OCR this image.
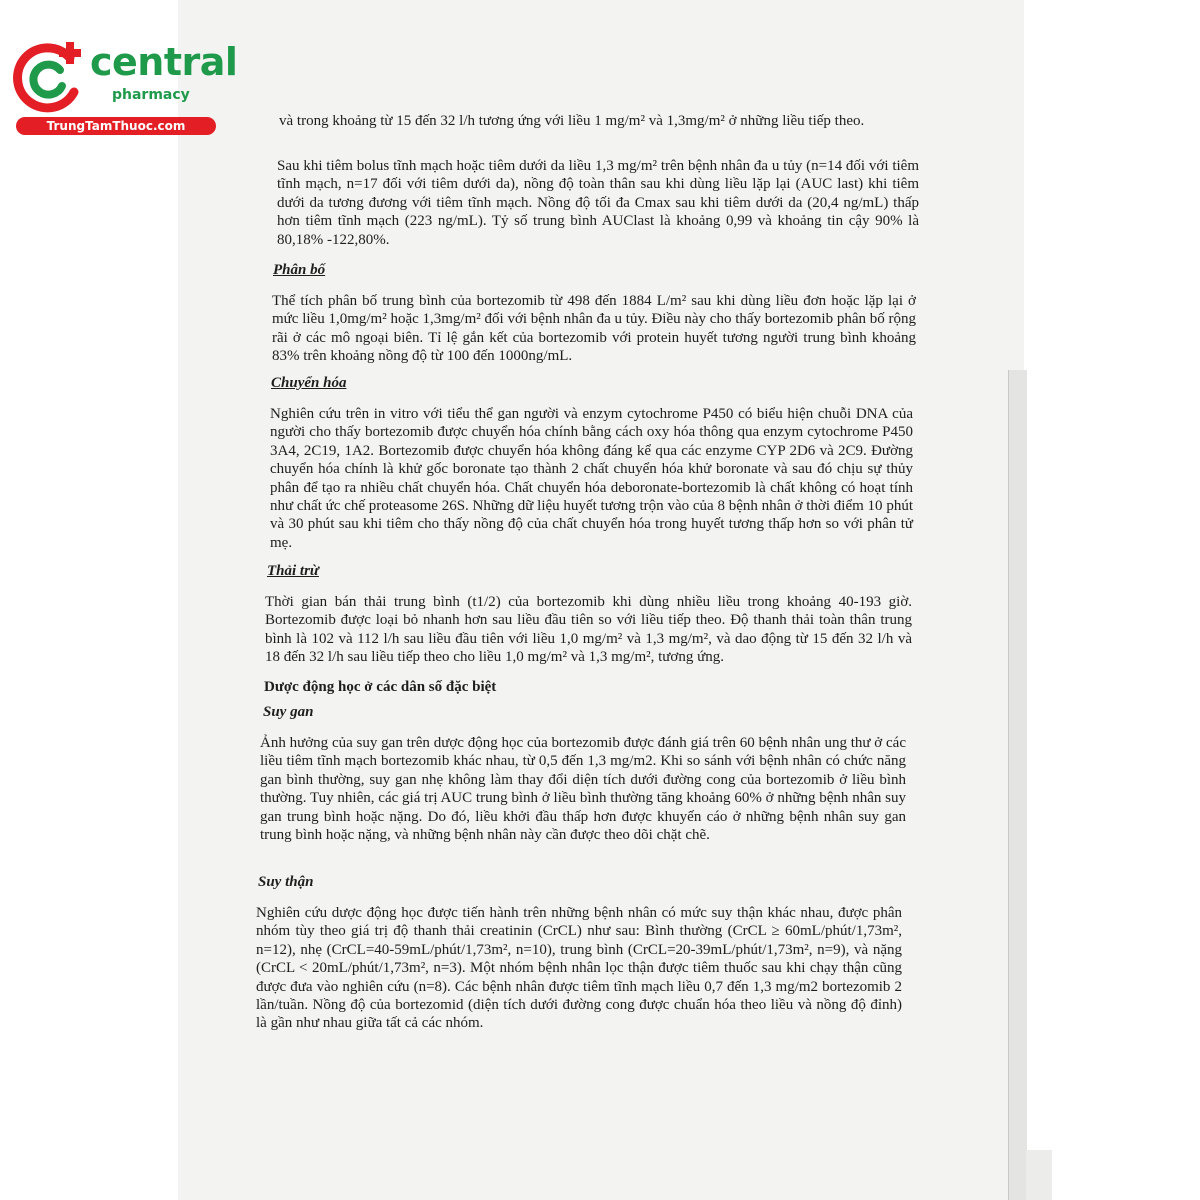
central
pharmacy
TrungTamThuoc.com	và trong khoảng từ 15 đến 32 l/h tương ứng với liều 1 mg/m² và 1,3mg/m² ở những liều tiếp theo.

Sau khi tiêm bolus tĩnh mạch hoặc tiêm dưới da liều 1,3 mg/m² trên bệnh nhân đa u tủy (n=14 đối với tiêm tĩnh mạch, n=17 đối với tiêm dưới da), nồng độ toàn thân sau khi dùng liều lặp lại (AUC last) khi tiêm dưới da tương đương với tiêm tĩnh mạch. Nồng độ tối đa Cmax sau khi tiêm dưới da (20,4 ng/mL) thấp hơn tiêm tĩnh mạch (223 ng/mL). Tỷ số trung bình AUClast là khoảng 0,99 và khoảng tin cậy 90% là 80,18% -122,80%.

Phân bố

Thể tích phân bố trung bình của bortezomib từ 498 đến 1884 L/m² sau khi dùng liều đơn hoặc lặp lại ở mức liều 1,0mg/m² hoặc 1,3mg/m² đối với bệnh nhân đa u tủy. Điều này cho thấy bortezomib phân bố rộng rãi ở các mô ngoại biên. Tỉ lệ gắn kết của bortezomib với protein huyết tương người trung bình khoảng 83% trên khoảng nồng độ từ 100 đến 1000ng/mL.

Chuyển hóa

Nghiên cứu trên in vitro với tiểu thể gan người và enzym cytochrome P450 có biểu hiện chuỗi DNA của người cho thấy bortezomib được chuyển hóa chính bằng cách oxy hóa thông qua enzym cytochrome P450 3A4, 2C19, 1A2. Bortezomib được chuyển hóa không đáng kể qua các enzyme CYP 2D6 và 2C9. Đường chuyển hóa chính là khử gốc boronate tạo thành 2 chất chuyển hóa khử boronate và sau đó chịu sự thủy phân để tạo ra nhiều chất chuyển hóa. Chất chuyển hóa deboronate-bortezomib là chất không có hoạt tính như chất ức chế proteasome 26S. Những dữ liệu huyết tương trộn vào của 8 bệnh nhân ở thời điểm 10 phút và 30 phút sau khi tiêm cho thấy nồng độ của chất chuyển hóa trong huyết tương thấp hơn so với phân tử mẹ.

Thải trừ

Thời gian bán thải trung bình (t1/2) của bortezomib khi dùng nhiều liều trong khoảng 40-193 giờ. Bortezomib được loại bỏ nhanh hơn sau liều đầu tiên so với liều tiếp theo. Độ thanh thải toàn thân trung bình là 102 và 112 l/h sau liều đầu tiên với liều 1,0 mg/m² và 1,3 mg/m², và dao động từ 15 đến 32 l/h và 18 đến 32 l/h sau liều tiếp theo cho liều 1,0 mg/m² và 1,3 mg/m², tương ứng.

Dược động học ở các dân số đặc biệt
Suy gan

Ảnh hưởng của suy gan trên dược động học của bortezomib được đánh giá trên 60 bệnh nhân ung thư ở các liều tiêm tĩnh mạch bortezomib khác nhau, từ 0,5 đến 1,3 mg/m2. Khi so sánh với bệnh nhân có chức năng gan bình thường, suy gan nhẹ không làm thay đổi diện tích dưới đường cong của bortezomib ở liều bình thường. Tuy nhiên, các giá trị AUC trung bình ở liều bình thường tăng khoảng 60% ở những bệnh nhân suy gan trung bình hoặc nặng. Do đó, liều khởi đầu thấp hơn được khuyến cáo ở những bệnh nhân suy gan trung bình hoặc nặng, và những bệnh nhân này cần được theo dõi chặt chẽ.

Suy thận

Nghiên cứu dược động học được tiến hành trên những bệnh nhân có mức suy thận khác nhau, được phân nhóm tùy theo giá trị độ thanh thải creatinin (CrCL) như sau: Bình thường (CrCL ≥ 60mL/phút/1,73m², n=12), nhẹ (CrCL=40-59mL/phút/1,73m², n=10), trung bình (CrCL=20-39mL/phút/1,73m², n=9), và nặng (CrCL < 20mL/phút/1,73m², n=3). Một nhóm bệnh nhân lọc thận được tiêm thuốc sau khi chạy thận cũng được đưa vào nghiên cứu (n=8). Các bệnh nhân được tiêm tĩnh mạch liều 0,7 đến 1,3 mg/m2 bortezomib 2 lần/tuần. Nồng độ của bortezomid (diện tích dưới đường cong được chuẩn hóa theo liều và nồng độ đỉnh) là gần như nhau giữa tất cả các nhóm.
